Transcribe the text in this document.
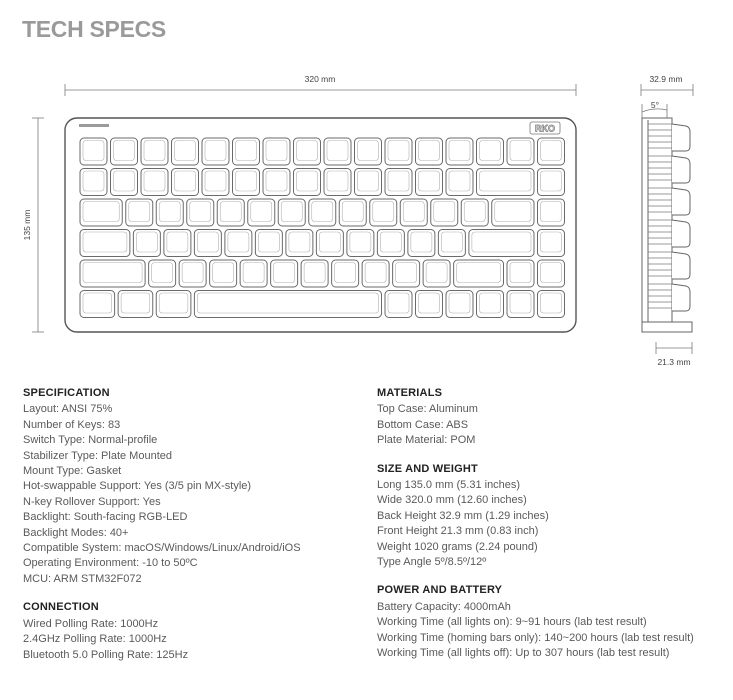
TECH SPECS
320 mm
135 mm
RKO
32.9 mm
5°
21.3 mm
SPECIFICATION
Layout: ANSI 75%
Number of Keys: 83
Switch Type: Normal-profile
Stabilizer Type: Plate Mounted
Mount Type: Gasket
Hot-swappable Support: Yes (3/5 pin MX-style)
N-key Rollover Support: Yes
Backlight: South-facing RGB-LED
Backlight Modes: 40+
Compatible System: macOS/Windows/Linux/Android/iOS
Operating Environment: -10 to 50ºC
MCU: ARM STM32F072
CONNECTION
Wired Polling Rate: 1000Hz
2.4GHz Polling Rate: 1000Hz
Bluetooth 5.0 Polling Rate: 125Hz
MATERIALS
Top Case: Aluminum
Bottom Case: ABS
Plate Material: POM
SIZE AND WEIGHT
Long 135.0 mm (5.31 inches)
Wide 320.0 mm (12.60 inches)
Back Height 32.9 mm (1.29 inches)
Front Height 21.3 mm (0.83 inch)
Weight 1020 grams (2.24 pound)
Type Angle 5º/8.5º/12º
POWER AND BATTERY
Battery Capacity: 4000mAh
Working Time (all lights on): 9~91 hours (lab test result)
Working Time (homing bars only): 140~200 hours (lab test result)
Working Time (all lights off): Up to 307 hours (lab test result)
